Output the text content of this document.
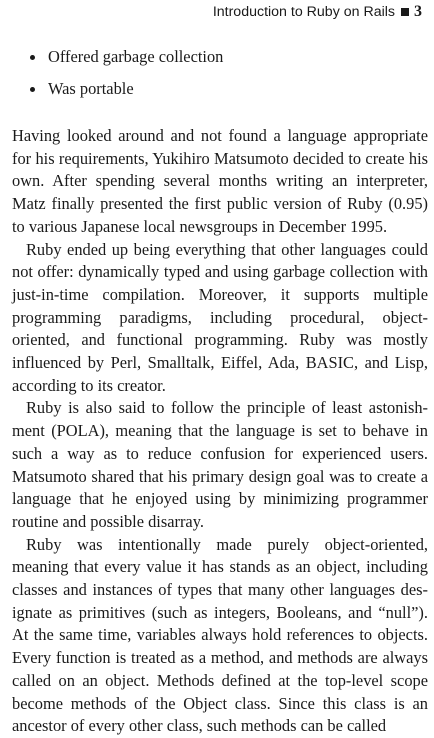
Introduction to Ruby on Rails 3
Offered garbage collection
Was portable

Having looked around and not found a language appropriate for his requirements, Yukihiro Matsumoto decided to create his own. After spending several months writing an interpreter, Matz finally presented the first public version of Ruby (0.95) to various Japanese local newsgroups in December 1995.

Ruby ended up being everything that other languages could not offer: dynamically typed and using garbage collection with just-in-time compilation. Moreover, it supports multiple programming paradigms, including procedural, object-oriented, and functional programming. Ruby was mostly influenced by Perl, Smalltalk, Eiffel, Ada, BASIC, and Lisp, according to its creator.

Ruby is also said to follow the principle of least astonishment (POLA), meaning that the language is set to behave in such a way as to reduce confusion for experienced users. Matsumoto shared that his primary design goal was to create a language that he enjoyed using by minimizing programmer routine and possible disarray.

Ruby was intentionally made purely object-oriented, meaning that every value it has stands as an object, including classes and instances of types that many other languages designate as primitives (such as integers, Booleans, and “null”). At the same time, variables always hold references to objects. Every function is treated as a method, and methods are always called on an object. Methods defined at the top-level scope become methods of the Object class. Since this class is an ancestor of every other class, such methods can be called
